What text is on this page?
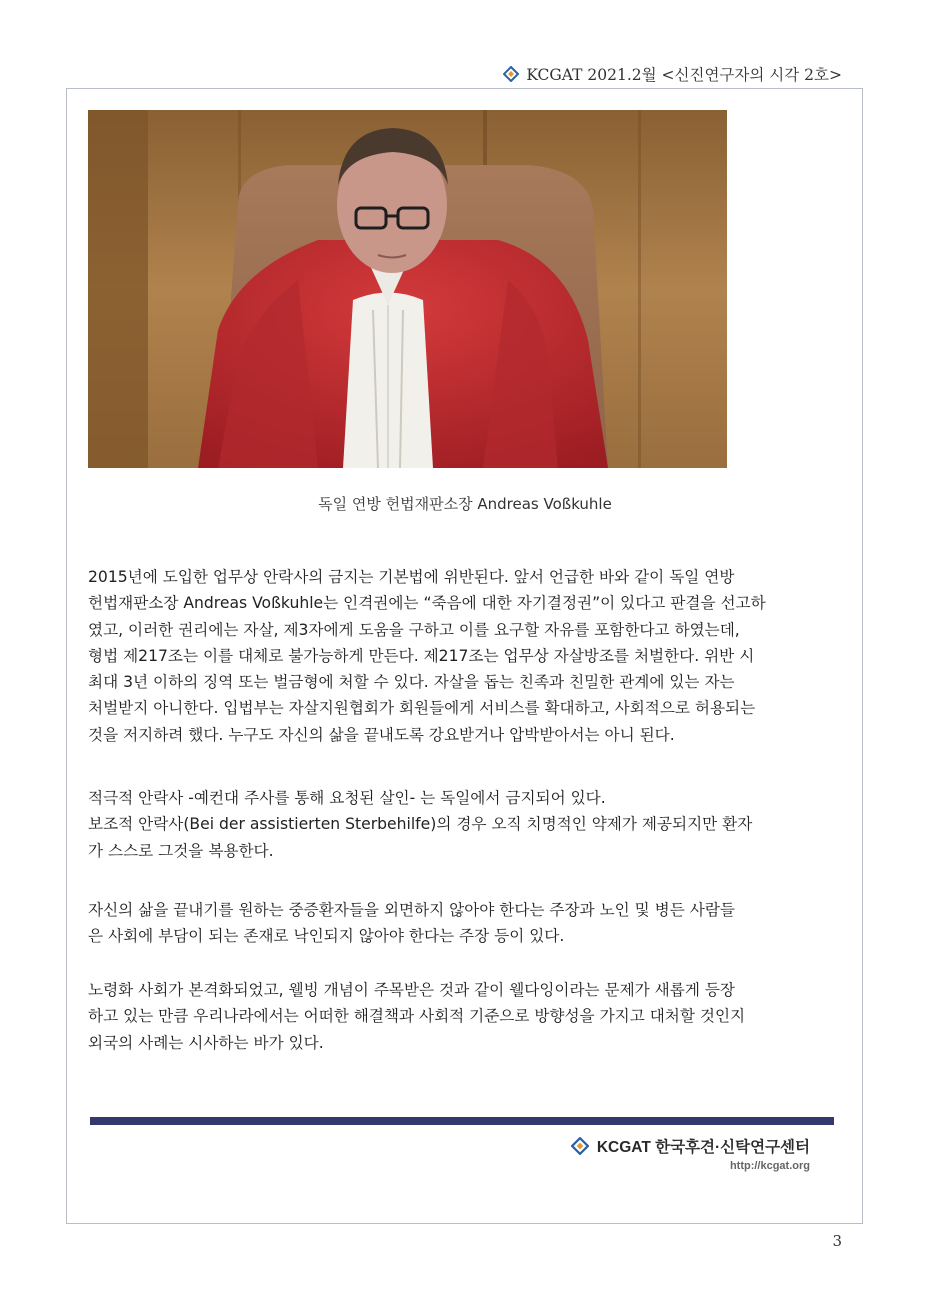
KCGAT 2021.2월 <신진연구자의 시각 2호>
독일 연방 헌법재판소장 Andreas Voßkuhle
2015년에 도입한 업무상 안락사의 금지는 기본법에 위반된다. 앞서 언급한 바와 같이 독일 연방
헌법재판소장 Andreas Voßkuhle는 인격권에는 “죽음에 대한 자기결정권”이 있다고 판결을 선고하
였고, 이러한 권리에는 자살, 제3자에게 도움을 구하고 이를 요구할 자유를 포함한다고 하였는데,
형법 제217조는 이를 대체로 불가능하게 만든다. 제217조는 업무상 자살방조를 처벌한다. 위반 시
최대 3년 이하의 징역 또는 벌금형에 처할 수 있다. 자살을 돕는 친족과 친밀한 관계에 있는 자는
처벌받지 아니한다. 입법부는 자살지원협회가 회원들에게 서비스를 확대하고, 사회적으로 허용되는
것을 저지하려 했다. 누구도 자신의 삶을 끝내도록 강요받거나 압박받아서는 아니 된다.
적극적 안락사 -예컨대 주사를 통해 요청된 살인- 는 독일에서 금지되어 있다.
보조적 안락사(Bei der assistierten Sterbehilfe)의 경우 오직 치명적인 약제가 제공되지만 환자
가 스스로 그것을 복용한다.
자신의 삶을 끝내기를 원하는 중증환자들을 외면하지 않아야 한다는 주장과 노인 및 병든 사람들
은 사회에 부담이 되는 존재로 낙인되지 않아야 한다는 주장 등이 있다.
노령화 사회가 본격화되었고, 웰빙 개념이 주목받은 것과 같이 웰다잉이라는 문제가 새롭게 등장
하고 있는 만큼 우리나라에서는 어떠한 해결책과 사회적 기준으로 방향성을 가지고 대처할 것인지
외국의 사례는 시사하는 바가 있다.
KCGAT 한국후견·신탁연구센터
http://kcgat.org
3
